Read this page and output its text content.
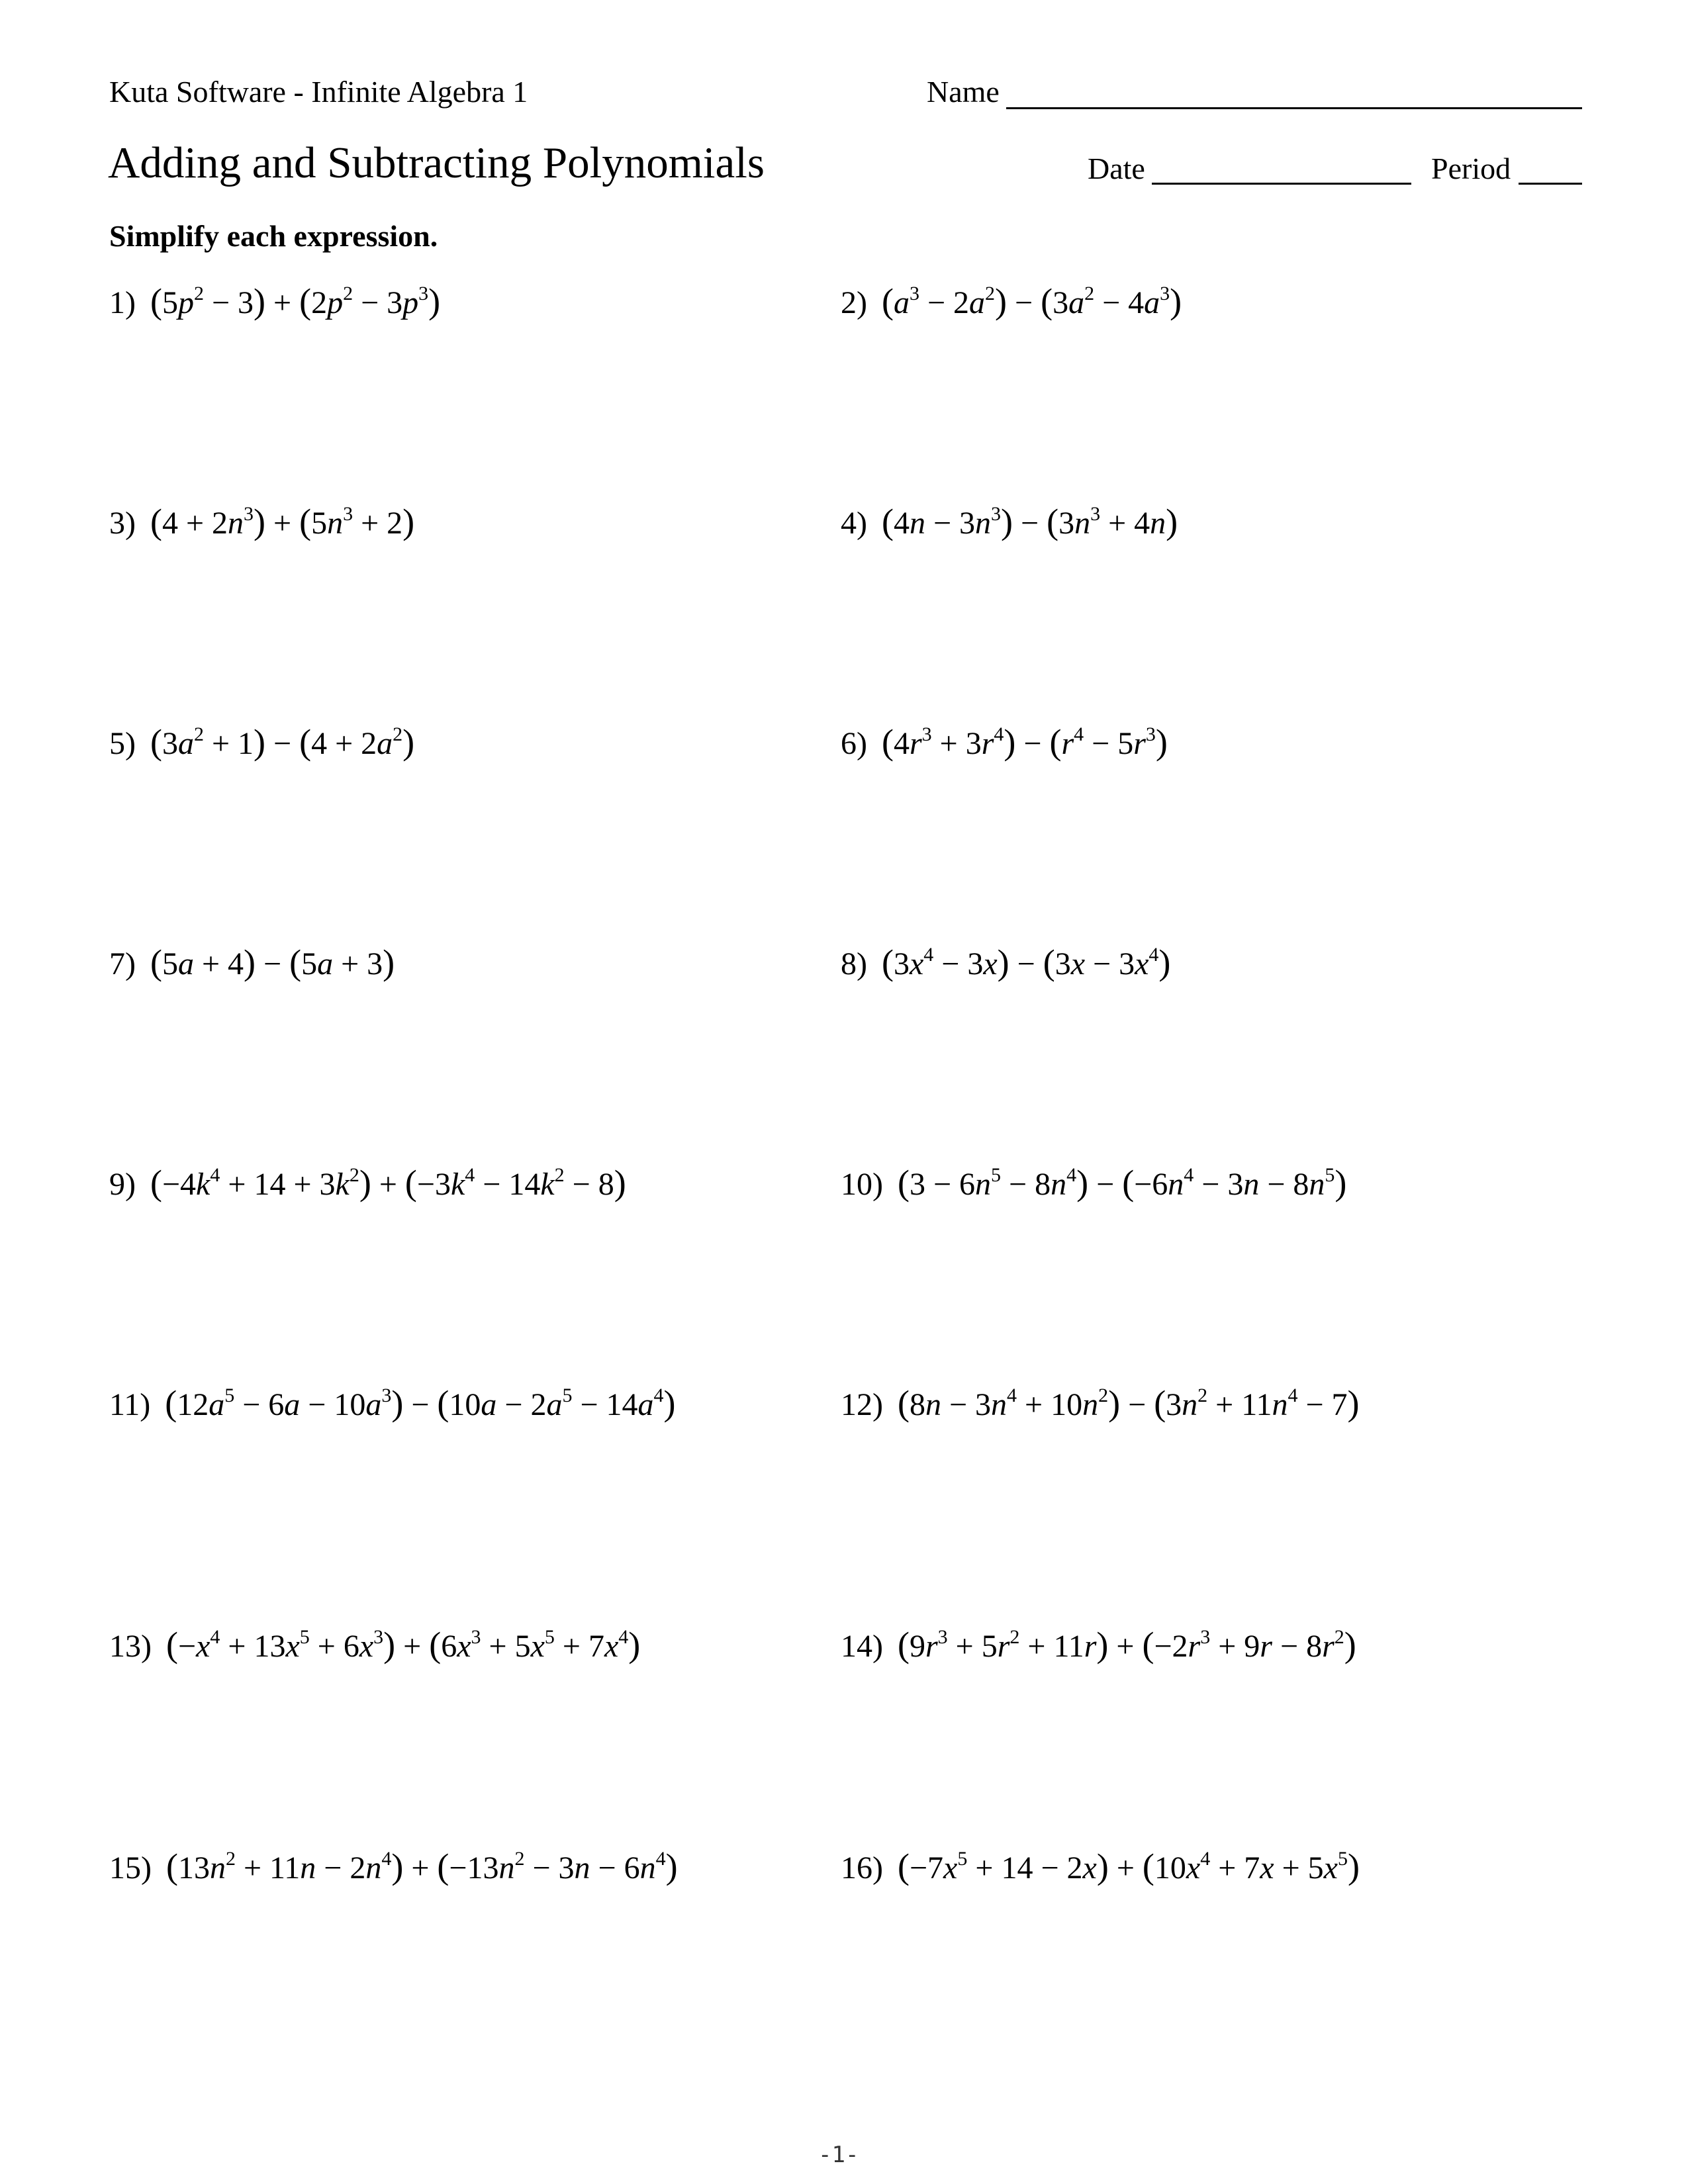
Kuta Software - Infinite Algebra 1	Name
Adding and Subtracting Polynomials	Date	Period
Simplify each expression.
1) $(5p^2 - 3) + (2p^2 - 3p^3)$	2) $(a^3 - 2a^2) - (3a^2 - 4a^3)$
3) $(4 + 2n^3) + (5n^3 + 2)$	4) $(4n - 3n^3) - (3n^3 + 4n)$
5) $(3a^2 + 1) - (4 + 2a^2)$	6) $(4r^3 + 3r^4) - (r^4 - 5r^3)$
7) (5a + 4) − (5a + 3)	8) $(3x^4 - 3x) - (3x - 3x^4)$
9) $(-4k^4 + 14 + 3k^2) + (-3k^4 - 14k^2 - 8)$	10) $(3 - 6n^5 - 8n^4) - (-6n^4 - 3n - 8n^5)$
11) $(12a^5 - 6a - 10a^3) - (10a - 2a^5 - 14a^4)$	12) $(8n - 3n^4 + 10n^2) - (3n^2 + 11n^4 - 7)$
13) $(-x^4 + 13x^5 + 6x^3) + (6x^3 + 5x^5 + 7x^4)$	14) $(9r^3 + 5r^2 + 11r) + (-2r^3 + 9r - 8r^2)$
15) $(13n^2 + 11n - 2n^4) + (-13n^2 - 3n - 6n^4)$	16) $(-7x^5 + 14 - 2x) + (10x^4 + 7x + 5x^5)$
-1-
